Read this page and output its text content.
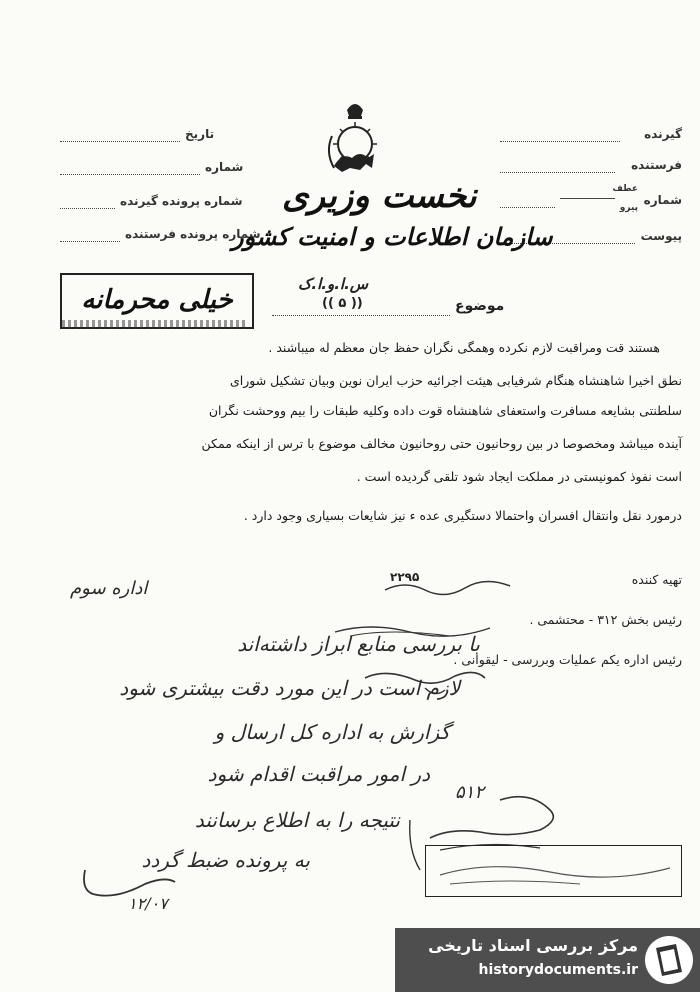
گیرنده
فرستنده
شماره
عطف
پیرو
پیوست
تاریخ
شماره
شماره پرونده گیرنده
شماره پرونده فرستنده
نخست وزیری
سازمان اطلاعات و امنیت کشور
س.ا.و.ا.ک
(( ۵ ))
خیلی محرمانه	موضوع
هستند قت ومراقبت لازم نکرده وهمگی نگران حفظ جان معظم له میباشند .
نطق اخیرا شاهنشاه هنگام شرفیابی هیئت اجرائیه حزب ایران نوین وبیان تشکیل شورای
سلطنتی بشایعه مسافرت واستعفای شاهنشاه قوت داده وکلیه طبقات را بیم ووحشت نگران
آینده میباشد ومخصوصا در بین روحانیون حتی روحانیون مخالف موضوع با ترس از اینکه ممکن
است نفوذ کمونیستی در مملکت ایجاد شود تلقی گردیده است .
درمورد نقل وانتقال افسران واحتمالا دستگیری عده ء نیز شایعات بسیاری وجود دارد .
تهیه کننده
۲۲۹۵
رئیس بخش ۳۱۲ - محتشمی .
رئیس اداره یکم عملیات وبررسی - لیقوانی .
اداره سوم
با بررسی منابع ابراز داشته‌اند
لازم است در این مورد دقت بیشتری شود
گزارش به اداره کل ارسال و
در امور مراقبت اقدام شود
نتیجه را به اطلاع برسانند
به پرونده ضبط گردد
۱۲/۰۷
۵۱۲
مرکز بررسی اسناد تاریخی
historydocuments.ir
